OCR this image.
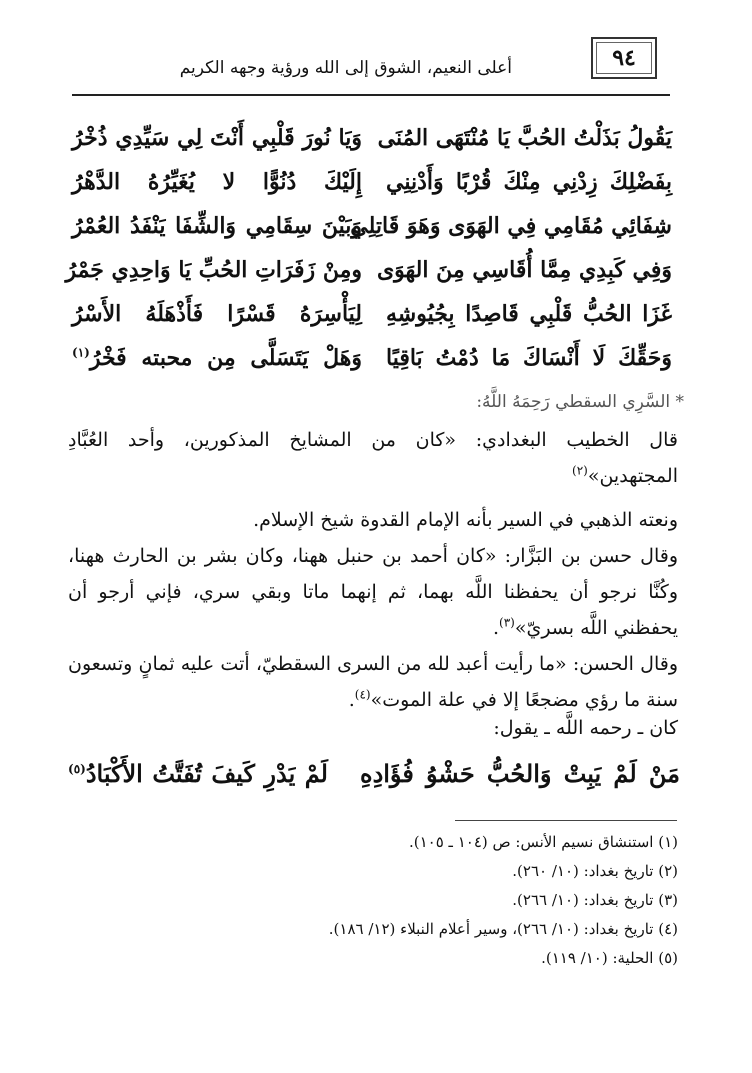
٩٤
أعلى النعيم، الشوق إلى الله ورؤية وجهه الكريم
يَقُولُ بَذَلْتُ الحُبَّ يَا مُنْتَهَى المُنَى
وَيَا نُورَ قَلْبِي أَنْتَ لِي سَيِّدِي ذُخْرُ
بِفَضْلِكَ زِدْنِي مِنْكَ قُرْبًا وَأَدْنِنِي
إِلَيْكَ دُنُوًّا لا يُغَيِّرُهُ الدَّهْرُ
شِفَائِي مُقَامِي فِي الهَوَى وَهَوَ قَاتِلِي
وَبَيْنَ سِقَامِي وَالشِّفَا يَنْفَدُ العُمْرُ
وَفِي كَبِدِي مِمَّا أُقَاسِي مِنَ الهَوَى
ومِنْ زَفَرَاتِ الحُبِّ يَا وَاحِدِي جَمْرُ
غَزَا الحُبُّ قَلْبِي قَاصِدًا بِجُيُوشِهِ
لِيَأْسِرَهُ قَسْرًا فَأَذْهَلَهُ الأَسْرُ
وَحَقِّكَ لَا أَنْسَاكَ مَا دُمْتُ بَاقِيًا
وَهَلْ يَتَسَلَّى مِن محبته فَخْرُ$^{(١)}$
* السَّرِي السقطي رَحِمَهُ اللَّهُ:
قال الخطيب البغدادي: «كان من المشايخ المذكورين، وأحد العُبَّادِ المجتهدين»$^{(٢)}$
ونعته الذهبي في السير بأنه الإمام القدوة شيخ الإسلام.
وقال حسن بن البَزَّار: «كان أحمد بن حنبل ههنا، وكان بشر بن الحارث ههنا، وكُنَّا نرجو أن يحفظنا اللَّه بهما، ثم إنهما ماتا وبقي سري، فإني أرجو أن يحفظني اللَّه بسريّ»$^{(٣)}$.
وقال الحسن: «ما رأيت أعبد لله من السرى السقطيّ، أتت عليه ثمانٍ وتسعون سنة ما رؤي مضجعًا إلا في علة الموت»$^{(٤)}$.
كان ـ رحمه اللَّه ـ يقول:
مَنْ لَمْ يَبِتْ وَالحُبُّ حَشْوُ فُؤَادِهِ
لَمْ يَدْرِ كَيفَ تُفَتَّتُ الأَكْبَادُ$^{(٥)}$
(١) استنشاق نسيم الأنس: ص (١٠٤ ـ ١٠٥).
(٢) تاريخ بغداد: (١٠/ ٢٦٠).
(٣) تاريخ بغداد: (١٠/ ٢٦٦).
(٤) تاريخ بغداد: (١٠/ ٢٦٦)، وسير أعلام النبلاء (١٢/ ١٨٦).
(٥) الحلية: (١٠/ ١١٩).
